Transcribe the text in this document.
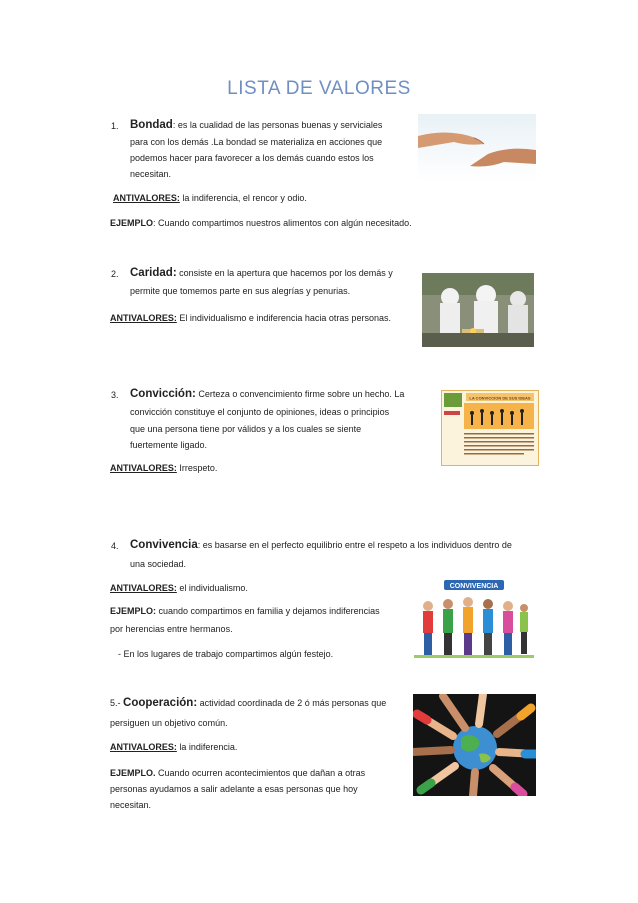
LISTA DE VALORES
1. Bondad: es la cualidad de las personas buenas y serviciales
para con los demás .La bondad se materializa en acciones que
podemos hacer para favorecer a los demás cuando estos los
necesitan.
ANTIVALORES: la indiferencia, el rencor y odio.
EJEMPLO: Cuando compartimos nuestros alimentos con algún necesitado.
2. Caridad: consiste en la apertura que hacemos por los demás y
permite que tomemos parte en sus alegrías y penurias.
ANTIVALORES: El individualismo e indiferencia hacia otras personas.
3. Convicción: Certeza o convencimiento firme sobre un hecho. La
convicción constituye el conjunto de opiniones, ideas o principios
que una persona tiene por válidos y a los cuales se siente
fuertemente ligado.
ANTIVALORES: Irrespeto.
LA CONVICCION DE SUS IDEAS
4. Convivencia: es basarse en el perfecto equilibrio entre el respeto a los individuos dentro de
una sociedad.
ANTIVALORES: el individualismo.
EJEMPLO: cuando compartimos en familia y dejamos indiferencias
por herencias entre hermanos.
- En los lugares de trabajo compartimos algún festejo.
CONVIVENCIA
5.- Cooperación: actividad coordinada de 2 ó más personas que
persiguen un objetivo común.
ANTIVALORES: la indiferencia.
EJEMPLO. Cuando ocurren acontecimientos que dañan a otras
personas ayudamos a salir adelante a esas personas que hoy
necesitan.
